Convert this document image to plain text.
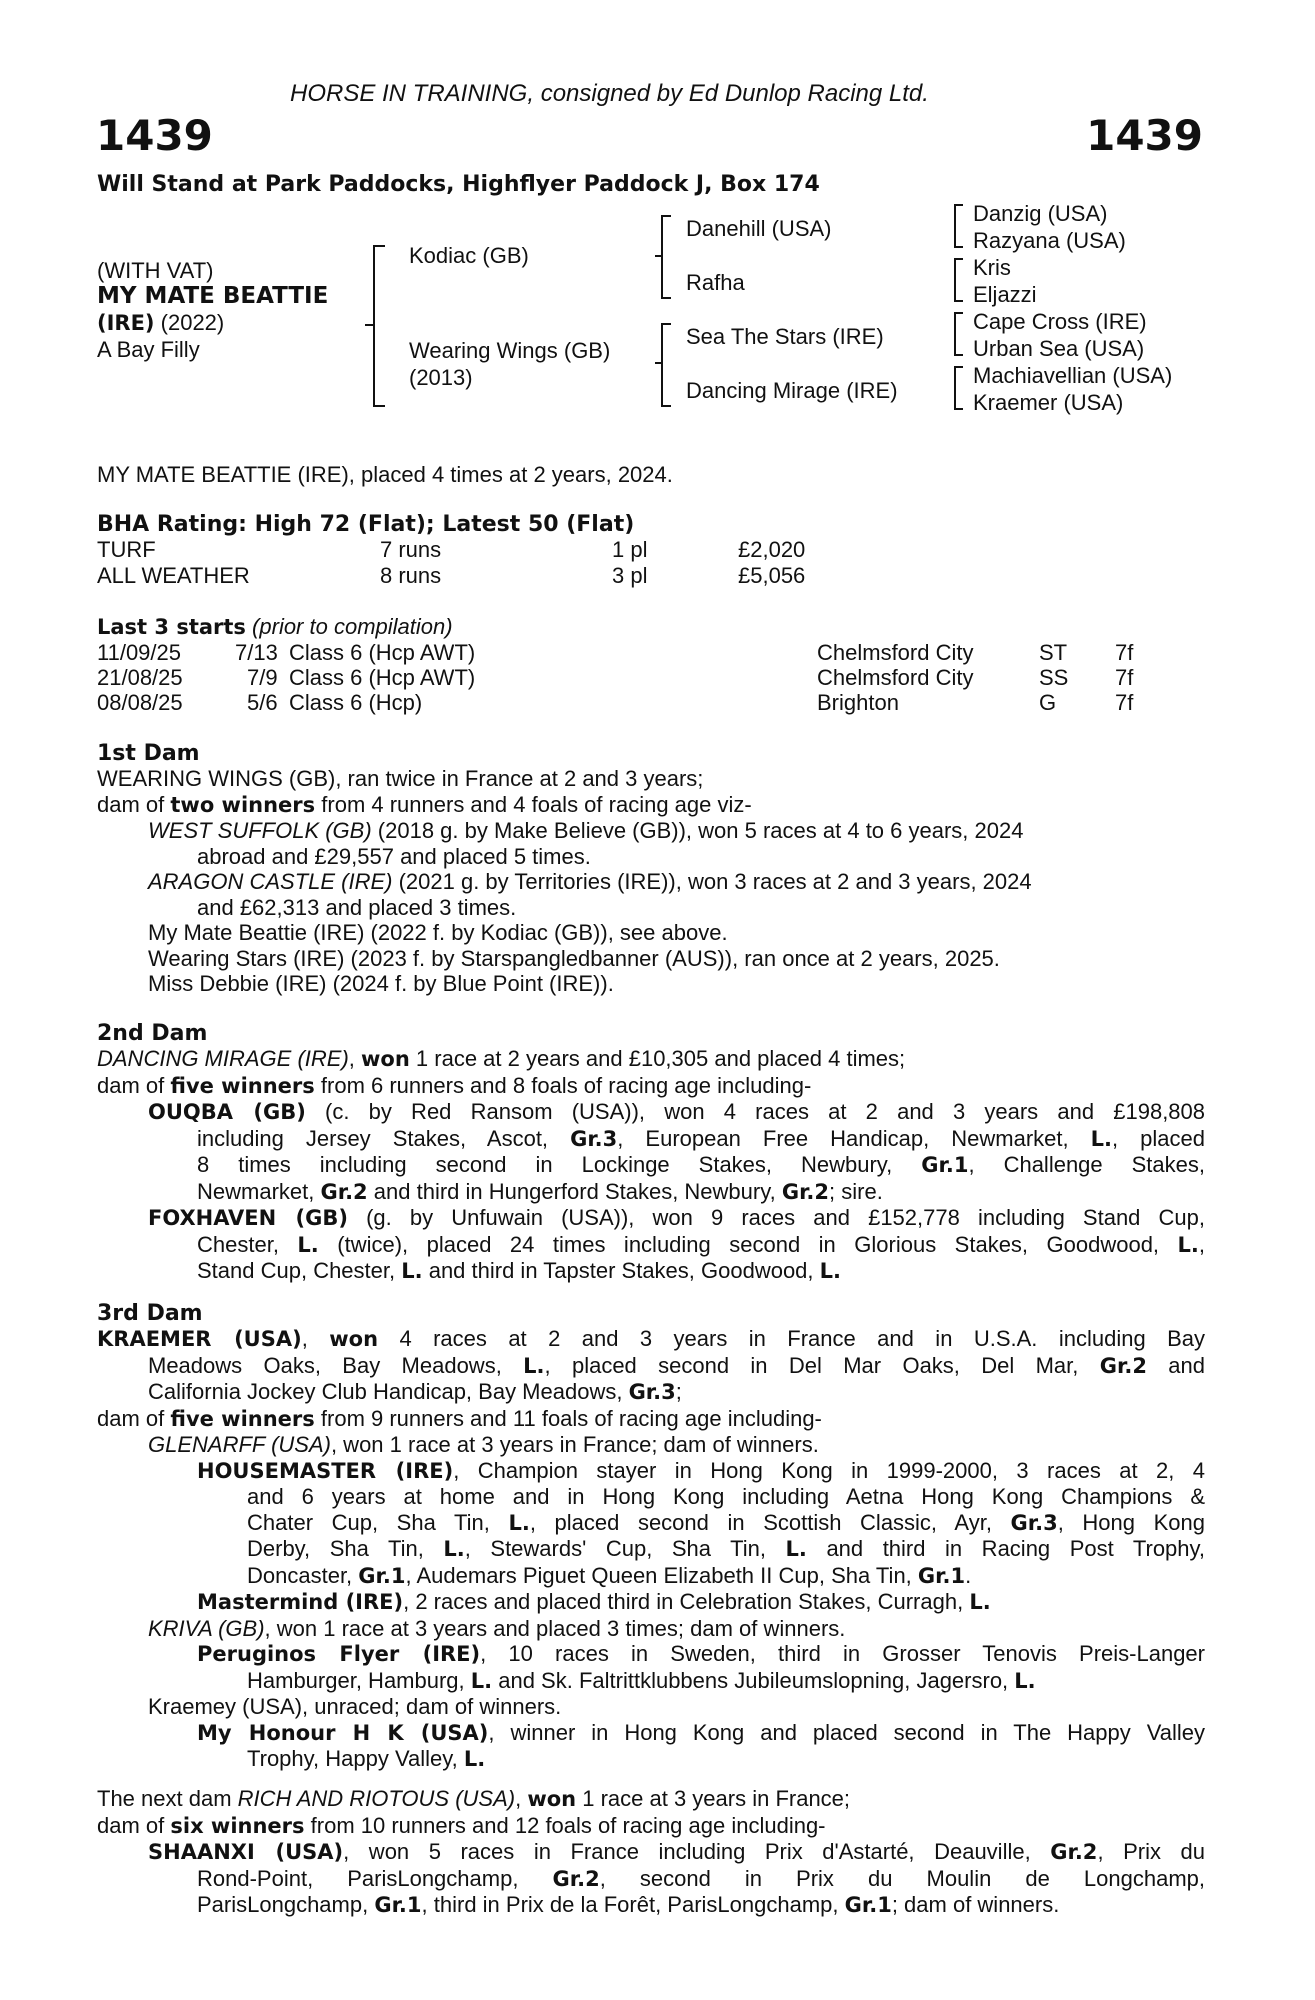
HORSE IN TRAINING, consigned by Ed Dunlop Racing Ltd.
1439	1439
Will Stand at Park Paddocks, Highflyer Paddock J, Box 174
(WITH VAT)
MY MATE BEATTIE
(IRE) (2022)
A Bay Filly
Kodiac (GB)
Wearing Wings (GB)
(2013)
Danehill (USA)
Rafha
Sea The Stars (IRE)
Dancing Mirage (IRE)
Danzig (USA)
Razyana (USA)
Kris
Eljazzi
Cape Cross (IRE)
Urban Sea (USA)
Machiavellian (USA)
Kraemer (USA)
MY MATE BEATTIE (IRE), placed 4 times at 2 years, 2024.
BHA Rating: High 72 (Flat); Latest 50 (Flat)
TURF	7 runs	1 pl	£2,020
ALL WEATHER	8 runs	3 pl	£5,056
Last 3 starts (prior to compilation)
11/09/25 7/13 Class 6 (Hcp AWT)	Chelmsford City	ST 7f
21/08/25	7/9 Class 6 (Hcp AWT)	Chelmsford City	SS 7f
08/08/25	5/6 Class 6 (Hcp)	Brighton	G	7f
1st Dam
WEARING WINGS (GB), ran twice in France at 2 and 3 years;
dam of two winners from 4 runners and 4 foals of racing age viz-
WEST SUFFOLK (GB) (2018 g. by Make Believe (GB)), won 5 races at 4 to 6 years, 2024
abroad and £29,557 and placed 5 times.
ARAGON CASTLE (IRE) (2021 g. by Territories (IRE)), won 3 races at 2 and 3 years, 2024
and £62,313 and placed 3 times.
My Mate Beattie (IRE) (2022 f. by Kodiac (GB)), see above.
Wearing Stars (IRE) (2023 f. by Starspangledbanner (AUS)), ran once at 2 years, 2025.
Miss Debbie (IRE) (2024 f. by Blue Point (IRE)).
2nd Dam
DANCING MIRAGE (IRE), won 1 race at 2 years and £10,305 and placed 4 times;
dam of five winners from 6 runners and 8 foals of racing age including-
OUQBA (GB) (c. by Red Ransom (USA)), won 4 races at 2 and 3 years and £198,808
including Jersey Stakes, Ascot, Gr.3, European Free Handicap, Newmarket, L., placed
8 times including second in Lockinge Stakes, Newbury, Gr.1, Challenge Stakes,
Newmarket, Gr.2 and third in Hungerford Stakes, Newbury, Gr.2; sire.
FOXHAVEN (GB) (g. by Unfuwain (USA)), won 9 races and £152,778 including Stand Cup,
Chester, L. (twice), placed 24 times including second in Glorious Stakes, Goodwood, L.,
Stand Cup, Chester, L. and third in Tapster Stakes, Goodwood, L.
3rd Dam
KRAEMER (USA), won 4 races at 2 and 3 years in France and in U.S.A. including Bay
Meadows Oaks, Bay Meadows, L., placed second in Del Mar Oaks, Del Mar, Gr.2 and
California Jockey Club Handicap, Bay Meadows, Gr.3;
dam of five winners from 9 runners and 11 foals of racing age including-
GLENARFF (USA), won 1 race at 3 years in France; dam of winners.
HOUSEMASTER (IRE), Champion stayer in Hong Kong in 1999-2000, 3 races at 2, 4
and 6 years at home and in Hong Kong including Aetna Hong Kong Champions &
Chater Cup, Sha Tin, L., placed second in Scottish Classic, Ayr, Gr.3, Hong Kong
Derby, Sha Tin, L., Stewards' Cup, Sha Tin, L. and third in Racing Post Trophy,
Doncaster, Gr.1, Audemars Piguet Queen Elizabeth II Cup, Sha Tin, Gr.1.
Mastermind (IRE), 2 races and placed third in Celebration Stakes, Curragh, L.
KRIVA (GB), won 1 race at 3 years and placed 3 times; dam of winners.
Peruginos Flyer (IRE), 10 races in Sweden, third in Grosser Tenovis Preis-Langer
Hamburger, Hamburg, L. and Sk. Faltrittklubbens Jubileumslopning, Jagersro, L.
Kraemey (USA), unraced; dam of winners.
My Honour H K (USA), winner in Hong Kong and placed second in The Happy Valley
Trophy, Happy Valley, L.
The next dam RICH AND RIOTOUS (USA), won 1 race at 3 years in France;
dam of six winners from 10 runners and 12 foals of racing age including-
SHAANXI (USA), won 5 races in France including Prix d'Astarté, Deauville, Gr.2, Prix du
Rond-Point, ParisLongchamp, Gr.2, second in Prix du Moulin de Longchamp,
ParisLongchamp, Gr.1, third in Prix de la Forêt, ParisLongchamp, Gr.1; dam of winners.
